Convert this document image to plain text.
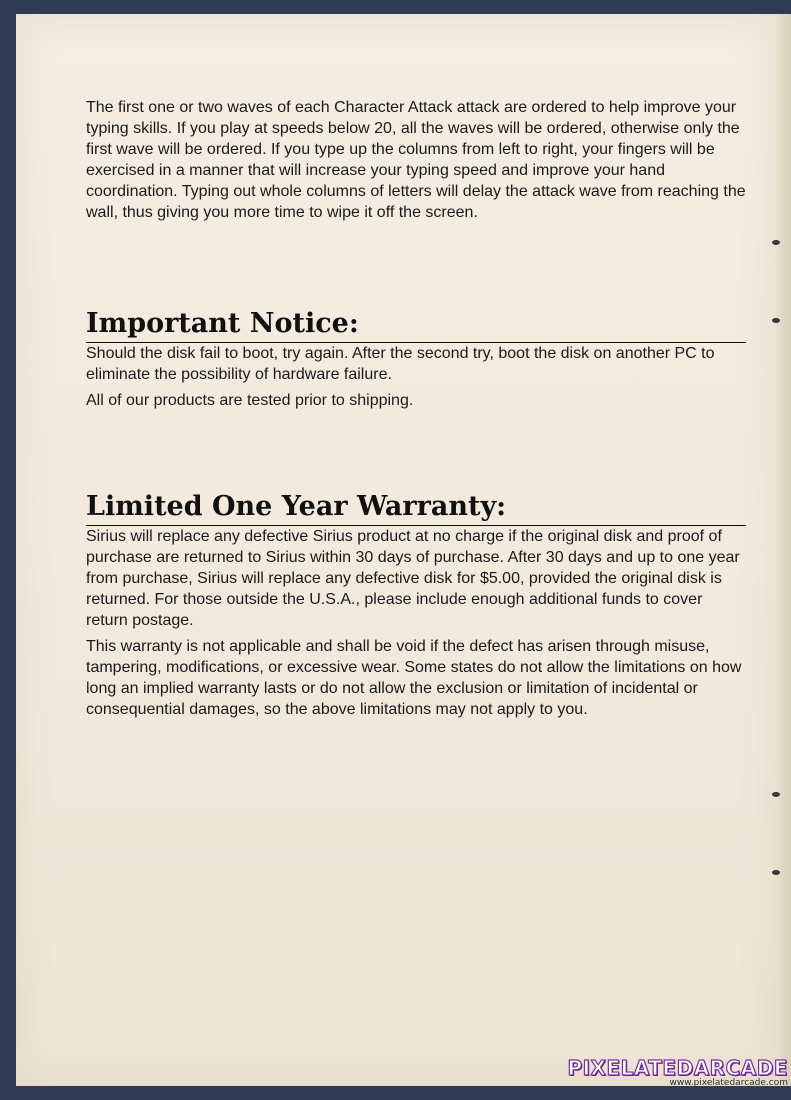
The first one or two waves of each Character Attack attack are ordered to help improve your typing skills. If you play at speeds below 20, all the waves will be ordered, otherwise only the first wave will be ordered. If you type up the columns from left to right, your fingers will be exercised in a manner that will increase your typing speed and improve your hand coordination. Typing out whole columns of letters will delay the attack wave from reaching the wall, thus giving you more time to wipe it off the screen.

Important Notice:

Should the disk fail to boot, try again. After the second try, boot the disk on another PC to eliminate the possibility of hardware failure.

All of our products are tested prior to shipping.

Limited One Year Warranty:

Sirius will replace any defective Sirius product at no charge if the original disk and proof of purchase are returned to Sirius within 30 days of purchase. After 30 days and up to one year from purchase, Sirius will replace any defective disk for $5.00, provided the original disk is returned. For those outside the U.S.A., please include enough additional funds to cover return postage.

This warranty is not applicable and shall be void if the defect has arisen through misuse, tampering, modifications, or excessive wear. Some states do not allow the limitations on how long an implied warranty lasts or do not allow the exclusion or limitation of incidental or consequential damages, so the above limitations may not apply to you.

PIXELATEDARCADE
www.pixelatedarcade.com
